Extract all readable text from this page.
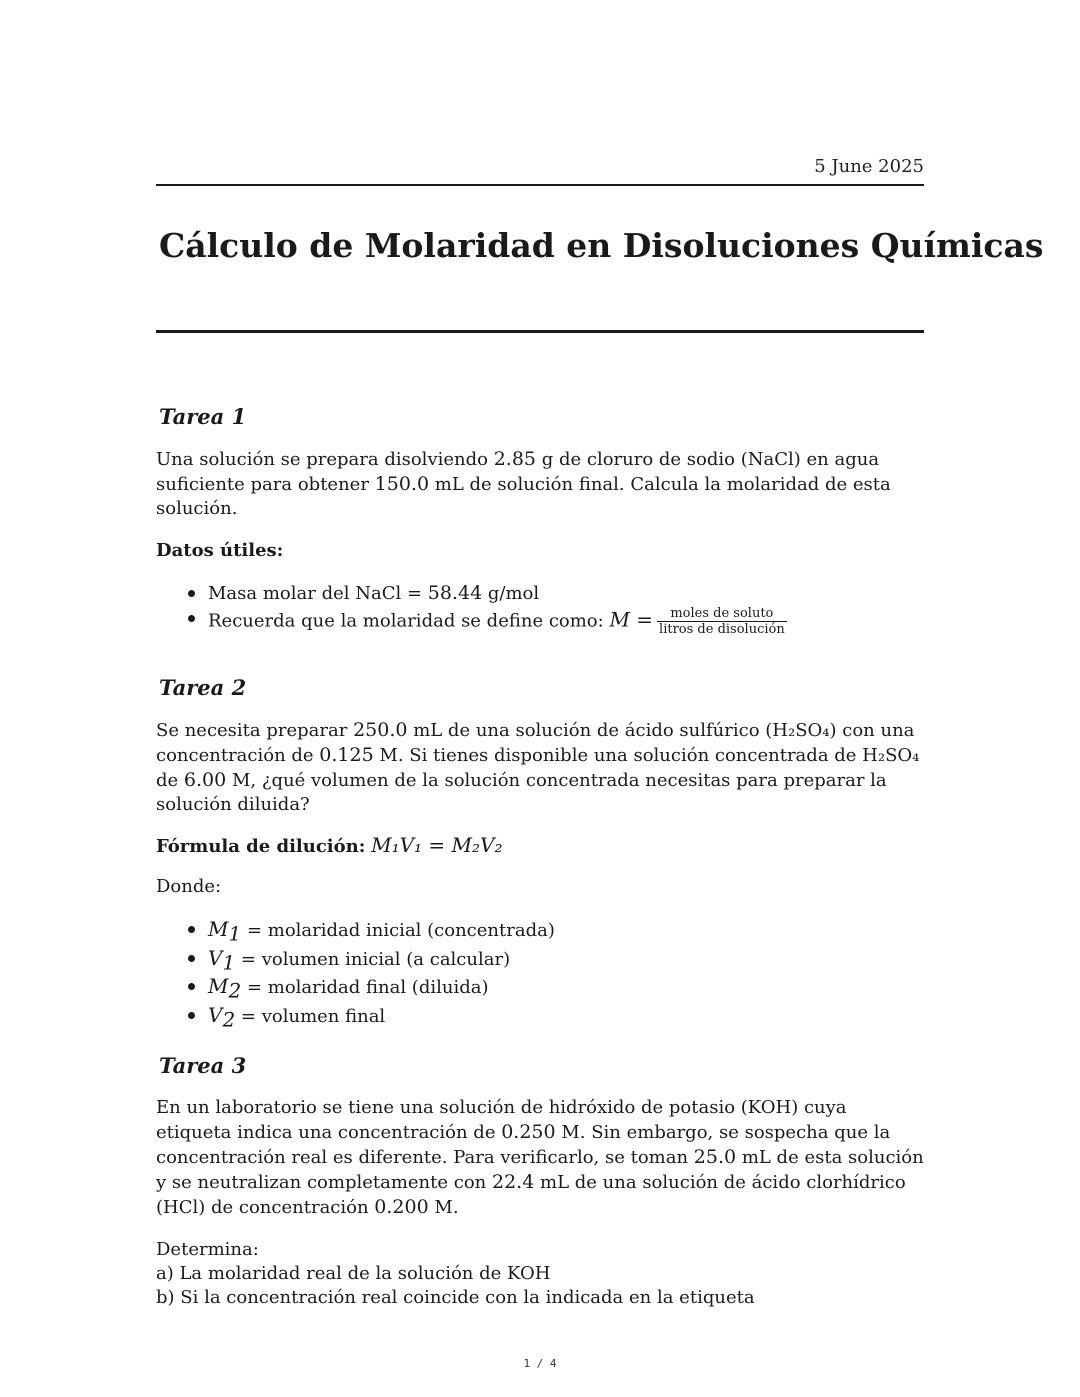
5 June 2025
Cálculo de Molaridad en Disoluciones Químicas
Tarea 1

Una solución se prepara disolviendo 2.85 g de cloruro de sodio (NaCl) en agua suficiente para obtener 150.0 mL de solución final. Calcula la molaridad de esta solución.

Datos útiles:

Masa molar del NaCl = 58.44 g/mol
Recuerda que la molaridad se define como: $M = \frac{\text{moles de soluto}}{\text{litros de disolución}}$
Tarea 2

Se necesita preparar 250.0 mL de una solución de ácido sulfúrico (H₂SO₄) con una concentración de 0.125 M. Si tienes disponible una solución concentrada de H₂SO₄ de 6.00 M, ¿qué volumen de la solución concentrada necesitas para preparar la solución diluida?

Fórmula de dilución: M₁V₁ = M₂V₂

Donde:

$M_1$ = molaridad inicial (concentrada)
$V_1$ = volumen inicial (a calcular)
$M_2$ = molaridad final (diluida)
$V_2$ = volumen final
Tarea 3

En un laboratorio se tiene una solución de hidróxido de potasio (KOH) cuya etiqueta indica una concentración de 0.250 M. Sin embargo, se sospecha que la concentración real es diferente. Para verificarlo, se toman 25.0 mL de esta solución y se neutralizan completamente con 22.4 mL de una solución de ácido clorhídrico (HCl) de concentración 0.200 M.

Determina:

a) La molaridad real de la solución de KOH

b) Si la concentración real coincide con la indicada en la etiqueta

1 / 4
